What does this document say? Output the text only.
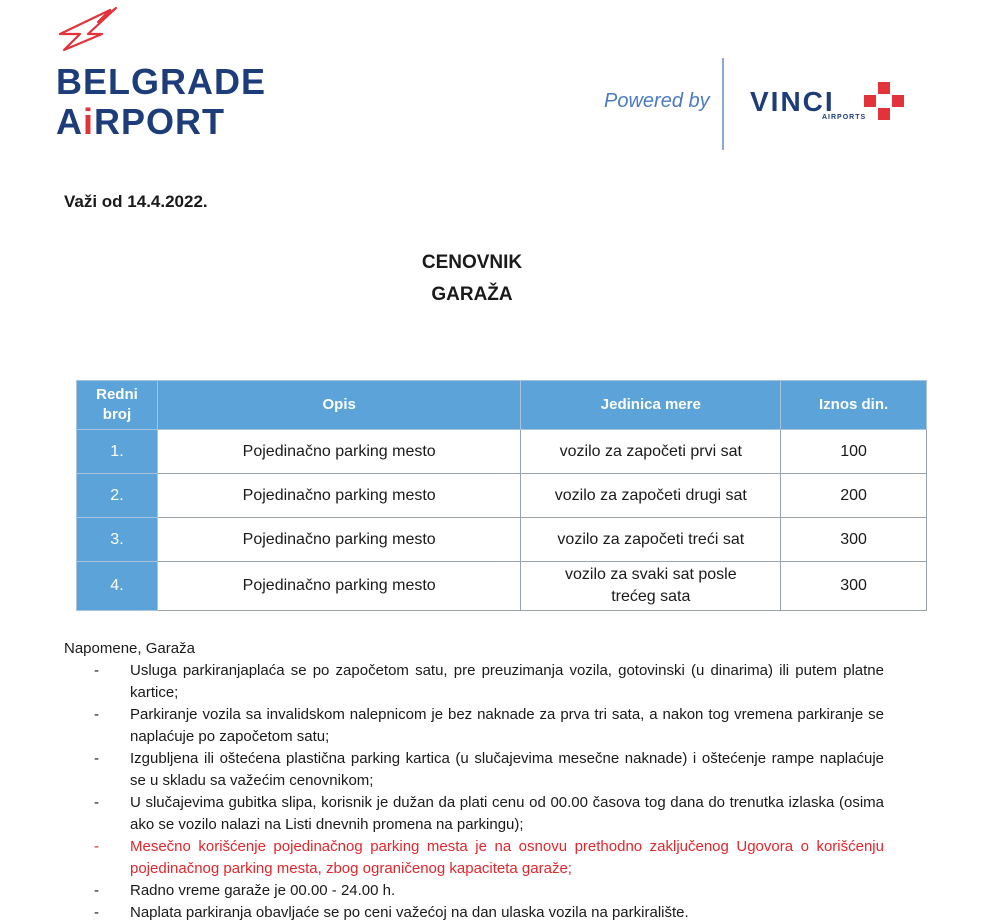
BELGRADE
AiRPORT	Powered by VINCI
AIRPORTS
Važi od 14.4.2022.
CENOVNIK
GARAŽA
Redni broj	Opis	Jedinica mere	Iznos din.
1.	Pojedinačno parking mesto	vozilo za započeti prvi sat	100
2.	Pojedinačno parking mesto	vozilo za započeti drugi sat	200
3.	Pojedinačno parking mesto	vozilo za započeti treći sat	300
4.	Pojedinačno parking mesto	vozilo za svaki sat posle trećeg sata	300
Napomene, Garaža
- Usluga parkiranjaplaća se po započetom satu, pre preuzimanja vozila, gotovinski (u dinarima) ili putem platne kartice;
- Parkiranje vozila sa invalidskom nalepnicom je bez naknade za prva tri sata, a nakon tog vremena parkiranje se naplaćuje po započetom satu;
- Izgubljena ili oštećena plastična parking kartica (u slučajevima mesečne naknade) i oštećenje rampe naplaćuje se u skladu sa važećim cenovnikom;
- U slučajevima gubitka slipa, korisnik je dužan da plati cenu od 00.00 časova tog dana do trenutka izlaska (osima ako se vozilo nalazi na Listi dnevnih promena na parkingu);
- Mesečno korišćenje pojedinačnog parking mesta je na osnovu prethodno zaključenog Ugovora o korišćenju pojedinačnog parking mesta, zbog ograničenog kapaciteta garaže;
- Radno vreme garaže je 00.00 - 24.00 h.
- Naplata parkiranja obavljaće se po ceni važećoj na dan ulaska vozila na parkiralište.
